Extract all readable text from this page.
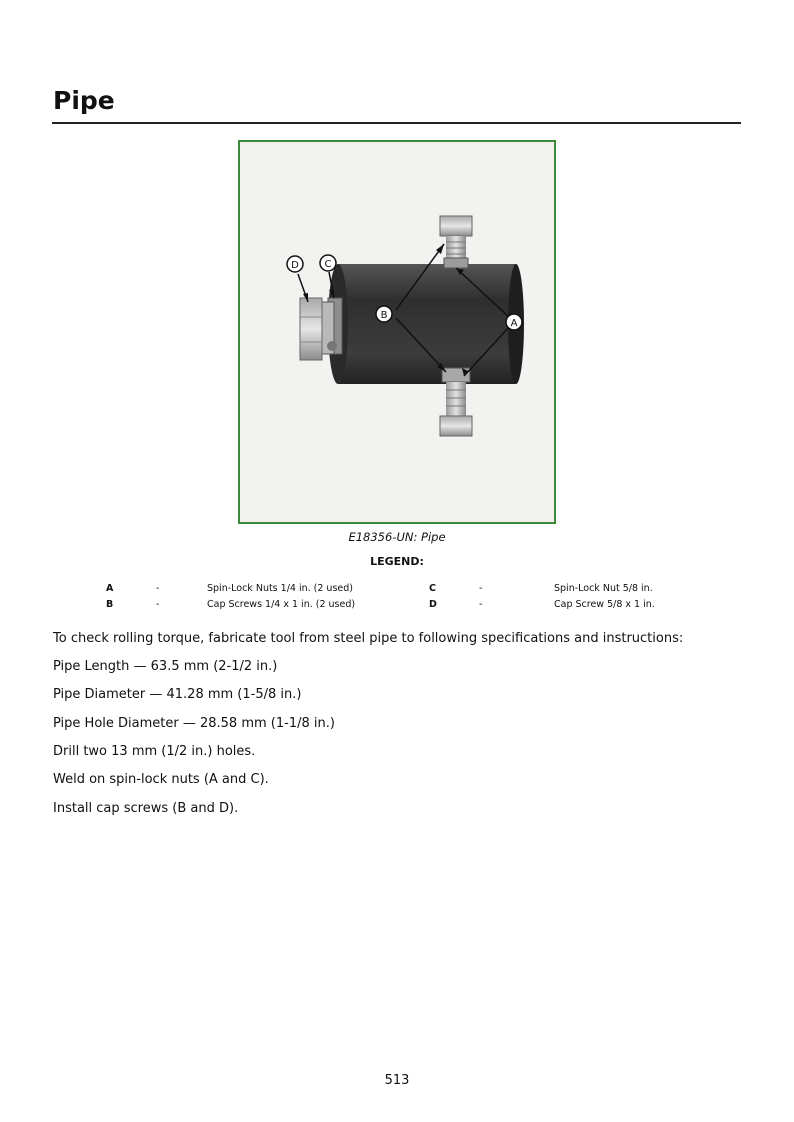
Pipe
A
B
C
D
E18356-UN: Pipe
LEGEND:
A	-	Spin-Lock Nuts 1/4 in. (2 used)	C	-	Spin-Lock Nut 5/8 in.
B	-	Cap Screws 1/4 x 1 in. (2 used)	D	-	Cap Screw 5/8 x 1 in.
To check rolling torque, fabricate tool from steel pipe to following specifications and instructions:
Pipe Length — 63.5 mm (2-1/2 in.)
Pipe Diameter — 41.28 mm (1-5/8 in.)
Pipe Hole Diameter — 28.58 mm (1-1/8 in.)
Drill two 13 mm (1/2 in.) holes.
Weld on spin-lock nuts (A and C).
Install cap screws (B and D).
513
